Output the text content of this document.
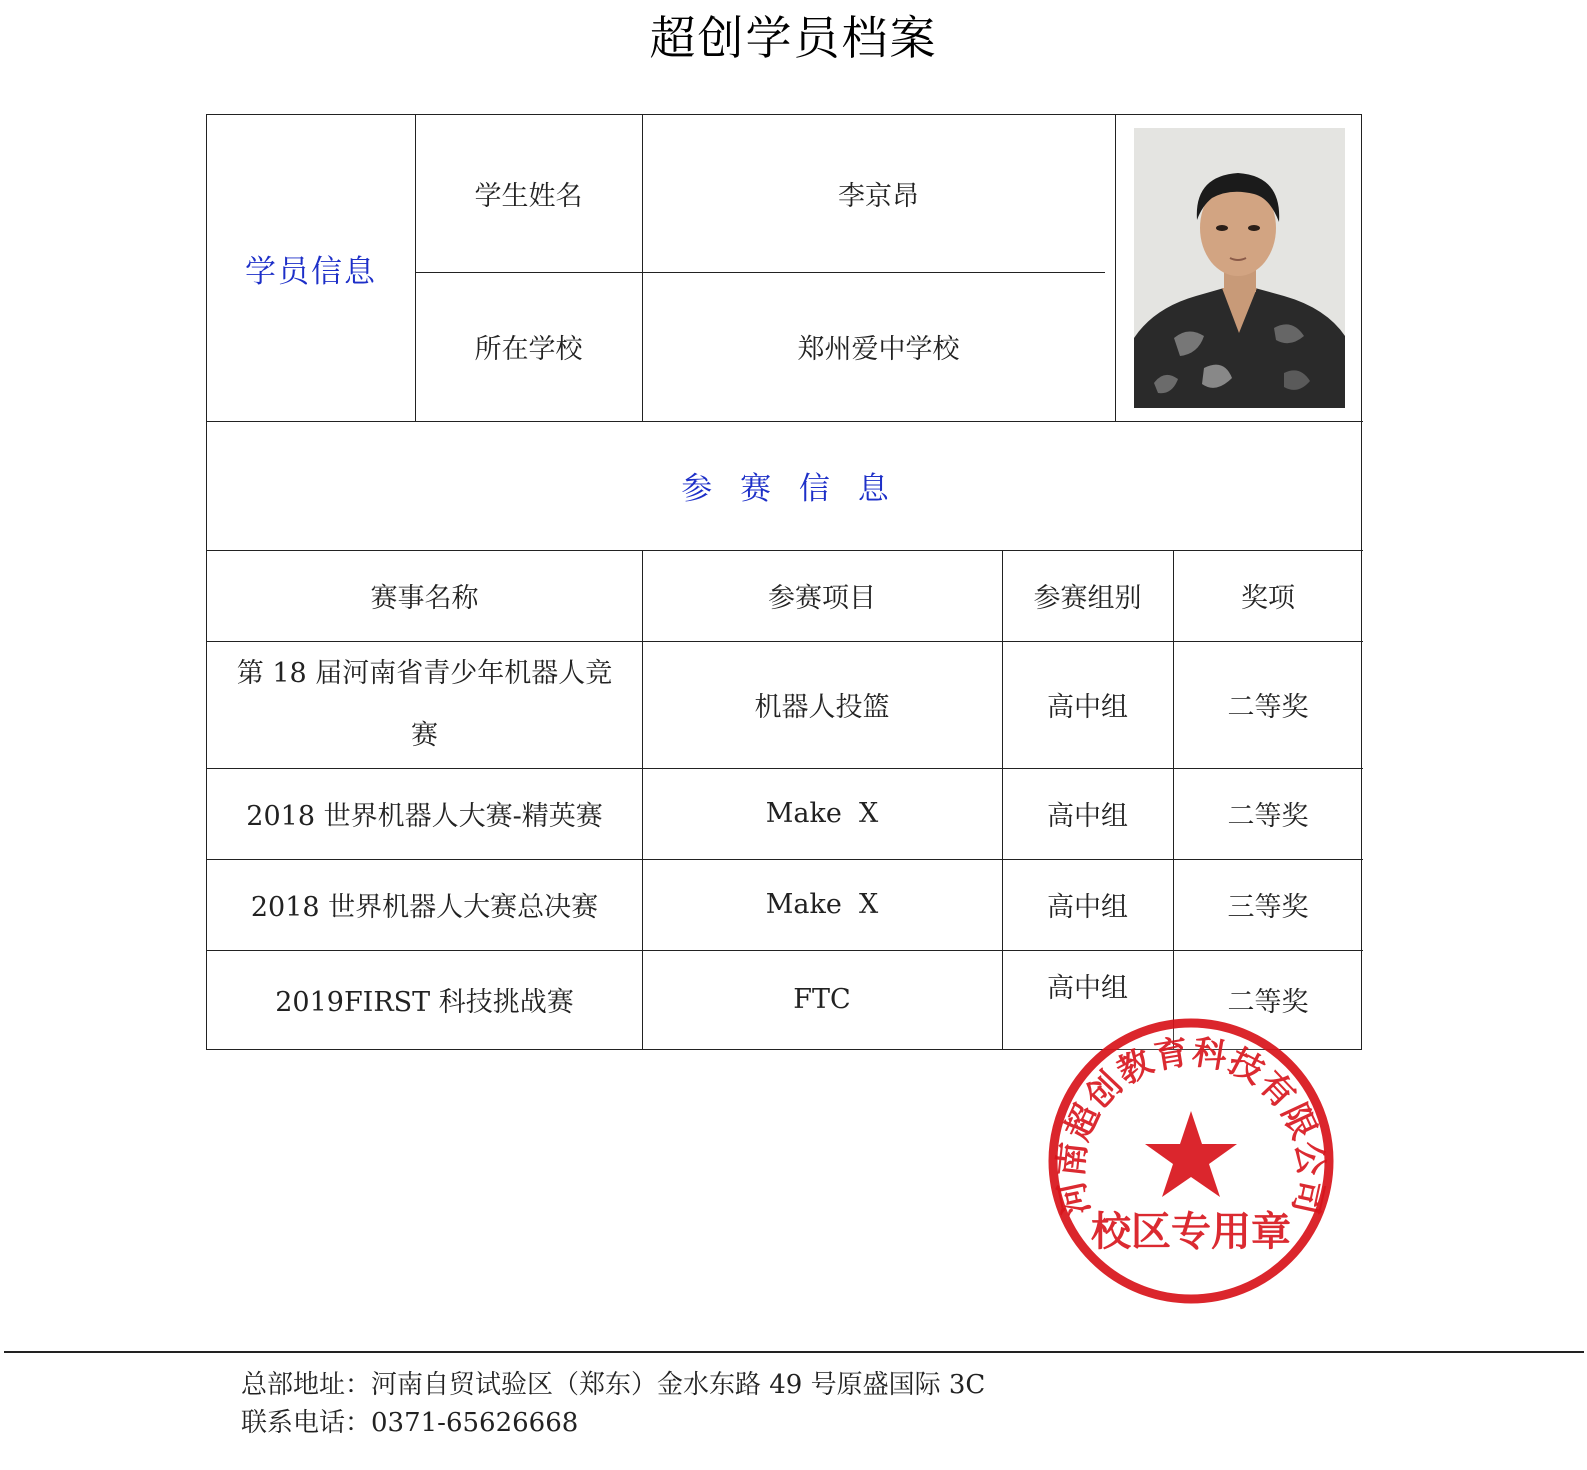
超创学员档案
学员信息
学生姓名	李京昂
所在学校	郑州爱中学校
参 赛 信 息
赛事名称	参赛项目	参赛组别	奖项
第 18 届河南省青少年机器人竞
赛
机器人投篮	高中组	二等奖
2018 世界机器人大赛-精英赛	Make  X	高中组	二等奖
2018 世界机器人大赛总决赛	Make  X	高中组	三等奖
2019FIRST 科技挑战赛	FTC	高中组	二等奖
河南超创教育科技有限公司
校区专用章
总部地址：河南自贸试验区（郑东）金水东路 49 号原盛国际 3C
联系电话：0371-65626668
